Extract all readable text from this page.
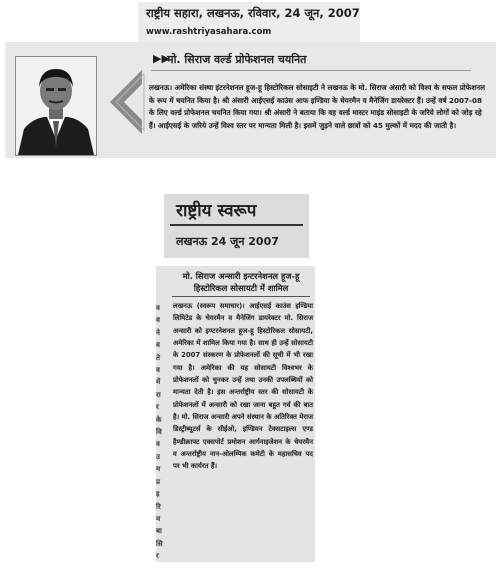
राष्ट्रीय सहारा, लखनऊ, रविवार, 24 जून, 2007
www.rashtriyasahara.com
▶▶
मो. सिराज वर्ल्ड प्रोफेशनल चयनित
लखनऊ। अमेरिका संस्था इंटरनेशनल हूज-हू हिस्टोरिकल सोसाइटी ने लखनऊ के मो. सिराज अंसारी को विश्व के सफल प्रोफेशनल के रूप में चयनित किया है। श्री अंसारी आईएसई काउंस आफ इण्डिया के चेयरमैन व मैनेजिंग डायरेक्टर हैं। उन्हें वर्ष 2007-08 के लिए वर्ल्ड प्रोफेशनल चयनित किया गया। श्री अंसारी ने बताया कि वह वर्ल्ड मास्टर माइंड सोसाइटी के जरिये लोगों को जोड़ रहे हैं। आईएसई के जरिये उन्हें विश्व स्तर पर मान्यता मिली है। इसमें जुड़ने वाले छात्रों को 45 मुल्कों में मदद की जाती है।
राष्ट्रीय स्वरूप
लखनऊ 24 जून 2007
व
व
ने
व
ते
व
में
रा
र
के
वि
व
उ
म
प्र
इ
रि
म
बा
सि
र
मो. सिराज अन्सारी इन्टरनेशनल हूज-हू हिस्टोरिकल सोसायटी में शामिल
लखनऊ (स्वरूप समाचार)। आईएसई काउंस इण्डिया लिमिटेड के चेयरमैन व मैनेजिंग डायरेक्टर मो. सिराज अन्सारी को इण्टरनेशनल हूज-हू हिस्टोरिकल सोसायटी, अमेरिका में शामिल किया गया है। साथ ही उन्हें सोसायटी के 2007 संस्करण के प्रोफेशनलों की सूची में भी रखा गया है। अमेरिका की यह सोसायटी विश्वभर के प्रोफेशनलों को चुनकर उन्हें तथा उनकी उपलब्धियों को मान्यता देती है। इस अन्तर्राष्ट्रीय स्तर की सोसायटी के प्रोफेशनलों में अन्सारी को रखा जाना बहुत गर्व की बात है। मो. सिराज अन्सारी अपने संस्थान के अतिरिक्त मेराज डिस्ट्रीब्यूटर्स के सीईओ, इण्डियन टेक्सटाइल्स एण्ड हैण्डीक्राफ्ट एक्सपोर्ट प्रमोशन आर्गनाइजेशन के चेयरमैन व अन्तर्राष्ट्रीय नान-ओलम्पिक कमेटी के महासचिव पद पर भी कार्यरत हैं।
